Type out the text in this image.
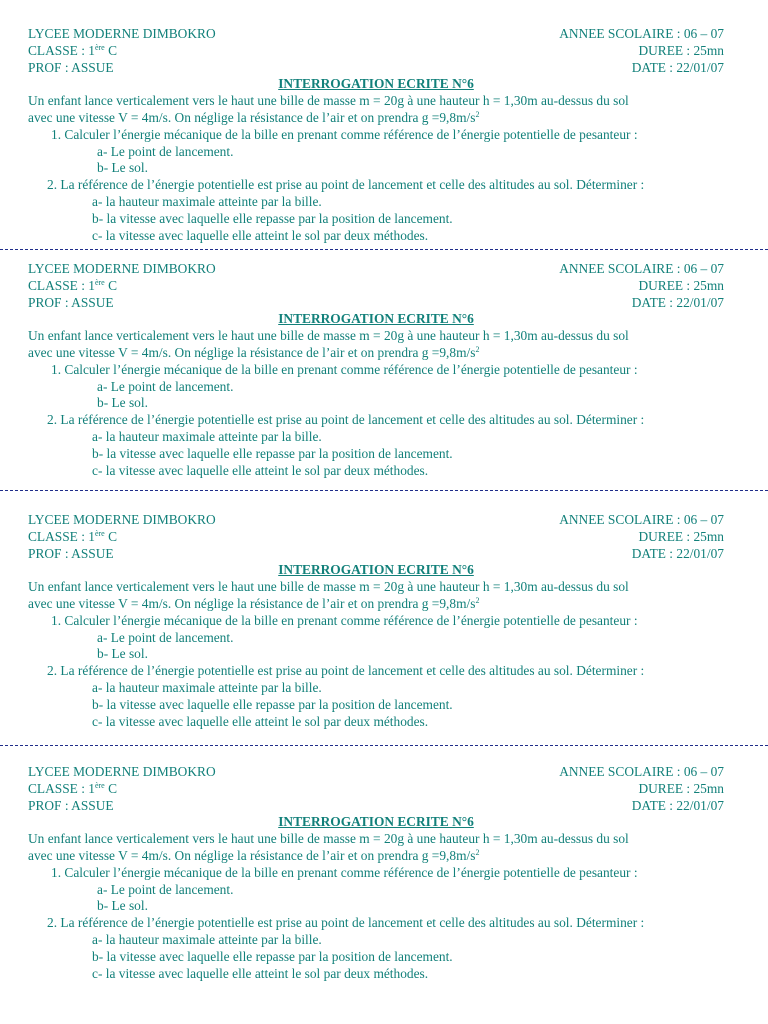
LYCEE MODERNE DIMBOKRO	ANNEE SCOLAIRE : 06 – 07
CLASSE : 1ère C	DUREE : 25mn
PROF : ASSUE	DATE : 22/01/07
INTERROGATION ECRITE N°6
Un enfant lance verticalement vers le haut une bille de masse m = 20g à une hauteur h = 1,30m au-dessus du sol
avec une vitesse V = 4m/s. On néglige la résistance de l’air et on prendra $g =9,8m/s^2$
1. Calculer l’énergie mécanique de la bille en prenant comme référence de l’énergie potentielle de pesanteur :
a- Le point de lancement.
b- Le sol.
2. La référence de l’énergie potentielle est prise au point de lancement et celle des altitudes au sol. Déterminer :
a- la hauteur maximale atteinte par la bille.
b- la vitesse avec laquelle elle repasse par la position de lancement.
c- la vitesse avec laquelle elle atteint le sol par deux méthodes.
LYCEE MODERNE DIMBOKRO	ANNEE SCOLAIRE : 06 – 07
CLASSE : 1ère C	DUREE : 25mn
PROF : ASSUE	DATE : 22/01/07
INTERROGATION ECRITE N°6
Un enfant lance verticalement vers le haut une bille de masse m = 20g à une hauteur h = 1,30m au-dessus du sol
avec une vitesse V = 4m/s. On néglige la résistance de l’air et on prendra $g =9,8m/s^2$
1. Calculer l’énergie mécanique de la bille en prenant comme référence de l’énergie potentielle de pesanteur :
a- Le point de lancement.
b- Le sol.
2. La référence de l’énergie potentielle est prise au point de lancement et celle des altitudes au sol. Déterminer :
a- la hauteur maximale atteinte par la bille.
b- la vitesse avec laquelle elle repasse par la position de lancement.
c- la vitesse avec laquelle elle atteint le sol par deux méthodes.
LYCEE MODERNE DIMBOKRO	ANNEE SCOLAIRE : 06 – 07
CLASSE : 1ère C	DUREE : 25mn
PROF : ASSUE	DATE : 22/01/07
INTERROGATION ECRITE N°6
Un enfant lance verticalement vers le haut une bille de masse m = 20g à une hauteur h = 1,30m au-dessus du sol
avec une vitesse V = 4m/s. On néglige la résistance de l’air et on prendra $g =9,8m/s^2$
1. Calculer l’énergie mécanique de la bille en prenant comme référence de l’énergie potentielle de pesanteur :
a- Le point de lancement.
b- Le sol.
2. La référence de l’énergie potentielle est prise au point de lancement et celle des altitudes au sol. Déterminer :
a- la hauteur maximale atteinte par la bille.
b- la vitesse avec laquelle elle repasse par la position de lancement.
c- la vitesse avec laquelle elle atteint le sol par deux méthodes.
LYCEE MODERNE DIMBOKRO	ANNEE SCOLAIRE : 06 – 07
CLASSE : 1ère C	DUREE : 25mn
PROF : ASSUE	DATE : 22/01/07
INTERROGATION ECRITE N°6
Un enfant lance verticalement vers le haut une bille de masse m = 20g à une hauteur h = 1,30m au-dessus du sol
avec une vitesse V = 4m/s. On néglige la résistance de l’air et on prendra $g =9,8m/s^2$
1. Calculer l’énergie mécanique de la bille en prenant comme référence de l’énergie potentielle de pesanteur :
a- Le point de lancement.
b- Le sol.
2. La référence de l’énergie potentielle est prise au point de lancement et celle des altitudes au sol. Déterminer :
a- la hauteur maximale atteinte par la bille.
b- la vitesse avec laquelle elle repasse par la position de lancement.
c- la vitesse avec laquelle elle atteint le sol par deux méthodes.
